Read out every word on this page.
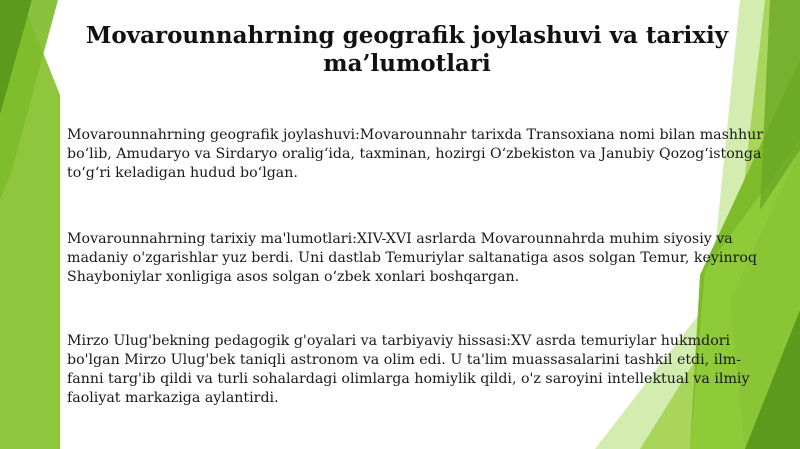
Movarounnahrning geografik joylashuvi va tarixiy ma’lumotlari

Movarounnahrning geografik joylashuvi:Movarounnahr tarixda Transoxiana nomi bilan mashhur bo‘lib, Amudaryo va Sirdaryo oralig‘ida, taxminan, hozirgi O‘zbekiston va Janubiy Qozog‘istonga to‘g‘ri keladigan hudud bo‘lgan.

Movarounnahrning tarixiy ma'lumotlari:XIV-XVI asrlarda Movarounnahrda muhim siyosiy va madaniy o'zgarishlar yuz berdi. Uni dastlab Temuriylar saltanatiga asos solgan Temur, keyinroq Shayboniylar xonligiga asos solgan o‘zbek xonlari boshqargan.

Mirzo Ulug'bekning pedagogik g'oyalari va tarbiyaviy hissasi:XV asrda temuriylar hukmdori bo'lgan Mirzo Ulug'bek taniqli astronom va olim edi. U ta'lim muassasalarini tashkil etdi, ilm-fanni targ'ib qildi va turli sohalardagi olimlarga homiylik qildi, o'z saroyini intellektual va ilmiy faoliyat markaziga aylantirdi.
